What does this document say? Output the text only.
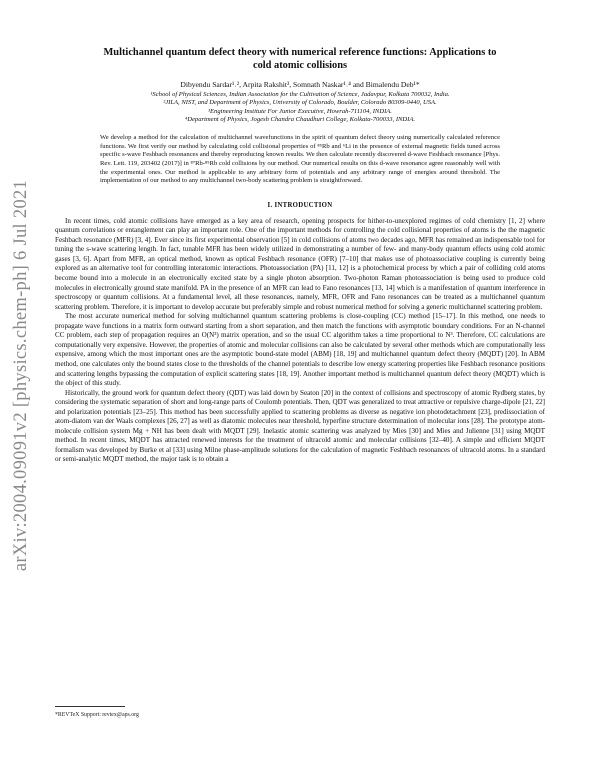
arXiv:2004.09091v2 [physics.chem-ph] 6 Jul 2021
Multichannel quantum defect theory with numerical reference functions: Applications to cold atomic collisions
Dibyendu Sardar¹˒², Arpita Rakshit³, Somnath Naskar¹˒⁴ and Bimalendu Deb¹*
¹School of Physical Sciences, Indian Association for the Cultivation of Science, Jadavpur, Kolkata 700032, India.
²JILA, NIST, and Department of Physics, University of Colorado, Boulder, Colorado 80309-0440, USA.
³Engineering Institute For Junior Executive, Howrah-711104, INDIA.
⁴Department of Physics, Jogesh Chandra Chaudhuri College, Kolkata-700033, INDIA.
We develop a method for the calculation of multichannel wavefunctions in the spirit of quantum defect theory using numerically calculated reference functions. We first verify our method by calculating cold collisional properties of ⁸⁵Rb and ⁶Li in the presence of external magnetic fields tuned across specific s-wave Feshbach resonances and thereby reproducing known results. We then calculate recently discovered d-wave Feshbach resonance [Phys. Rev. Lett. 119, 203402 (2017)] in ⁸⁷Rb-⁸⁵Rb cold collisions by our method. Our numerical results on this d-wave resonance agree reasonably well with the experimental ones. Our method is applicable to any arbitrary form of potentials and any arbitrary range of energies around threshold. The implementation of our method to any multichannel two-body scattering problem is straightforward.
I. INTRODUCTION

In recent times, cold atomic collisions have emerged as a key area of research, opening prospects for hither-to-unexplored regimes of cold chemistry [1, 2] where quantum correlations or entanglement can play an important role. One of the important methods for controlling the cold collisional properties of atoms is the the magnetic Feshbach resonance (MFR) [3, 4]. Ever since its first experimental observation [5] in cold collisions of atoms two decades ago, MFR has remained an indispensable tool for tuning the s-wave scattering length. In fact, tunable MFR has been widely utilized in demonstrating a number of few- and many-body quantum effects using cold atomic gases [3, 6]. Apart from MFR, an optical method, known as optical Feshbach resonance (OFR) [7–10] that makes use of photoassociative coupling is currently being explored as an alternative tool for controlling interatomic interactions. Photoassociation (PA) [11, 12] is a photochemical process by which a pair of colliding cold atoms become bound into a molecule in an electronically excited state by a single photon absorption. Two-photon Raman photoassociation is being used to produce cold molecules in electronically ground state manifold. PA in the presence of an MFR can lead to Fano resonances [13, 14] which is a manifestation of quantum interference in spectroscopy or quantum collisions. At a fundamental level, all these resonances, namely, MFR, OFR and Fano resonances can be treated as a multichannel quantum scattering problem. Therefore, it is important to develop accurate but preferably simple and robust numerical method for solving a generic multichannel scattering problem.

The most accurate numerical method for solving multichannel quantum scattering problems is close-coupling (CC) method [15–17]. In this method, one needs to propagate wave functions in a matrix form outward starting from a short separation, and then match the functions with asymptotic boundary conditions. For an N-channel CC problem, each step of propagation requires an O(N³) matrix operation, and so the usual CC algorithm takes a time proportional to N³. Therefore, CC calculations are computationally very expensive. However, the properties of atomic and molecular collisions can also be calculated by several other methods which are computationally less expensive, among which the most important ones are the asymptotic bound-state model (ABM) [18, 19] and multichannel quantum defect theory (MQDT) [20]. In ABM method, one calculates only the bound states close to the thresholds of the channel potentials to describe low energy scattering properties like Feshbach resonance positions and scattering lengths bypassing the computation of explicit scattering states [18, 19]. Another important method is multichannel quantum defect theory (MQDT) which is the object of this study.

Historically, the ground work for quantum defect theory (QDT) was laid down by Seaton [20] in the context of collisions and spectroscopy of atomic Rydberg states, by considering the systematic separation of short and long-range parts of Coulomb potentials. Then, QDT was generalized to treat attractive or repulsive charge-dipole [21, 22] and polarization potentials [23–25]. This method has been successfully applied to scattering problems as diverse as negative ion photodetachment [23], predissociation of atom-diatom van der Waals complexes [26, 27] as well as diatomic molecules near threshold, hyperfine structure determination of molecular ions [28]. The prototype atom-molecule collision system Mg + NH has been dealt with MQDT [29]. Inelastic atomic scattering was analyzed by Mies [30] and Mies and Julienne [31] using MQDT method. In recent times, MQDT has attracted renewed interests for the treatment of ultracold atomic and molecular collisions [32–40]. A simple and efficient MQDT formalism was developed by Burke et al [33] using Milne phase-amplitude solutions for the calculation of magnetic Feshbach resonances of ultracold atoms. In a standard or semi-analytic MQDT method, the major task is to obtain a

*REVTeX Support: revtex@aps.org
